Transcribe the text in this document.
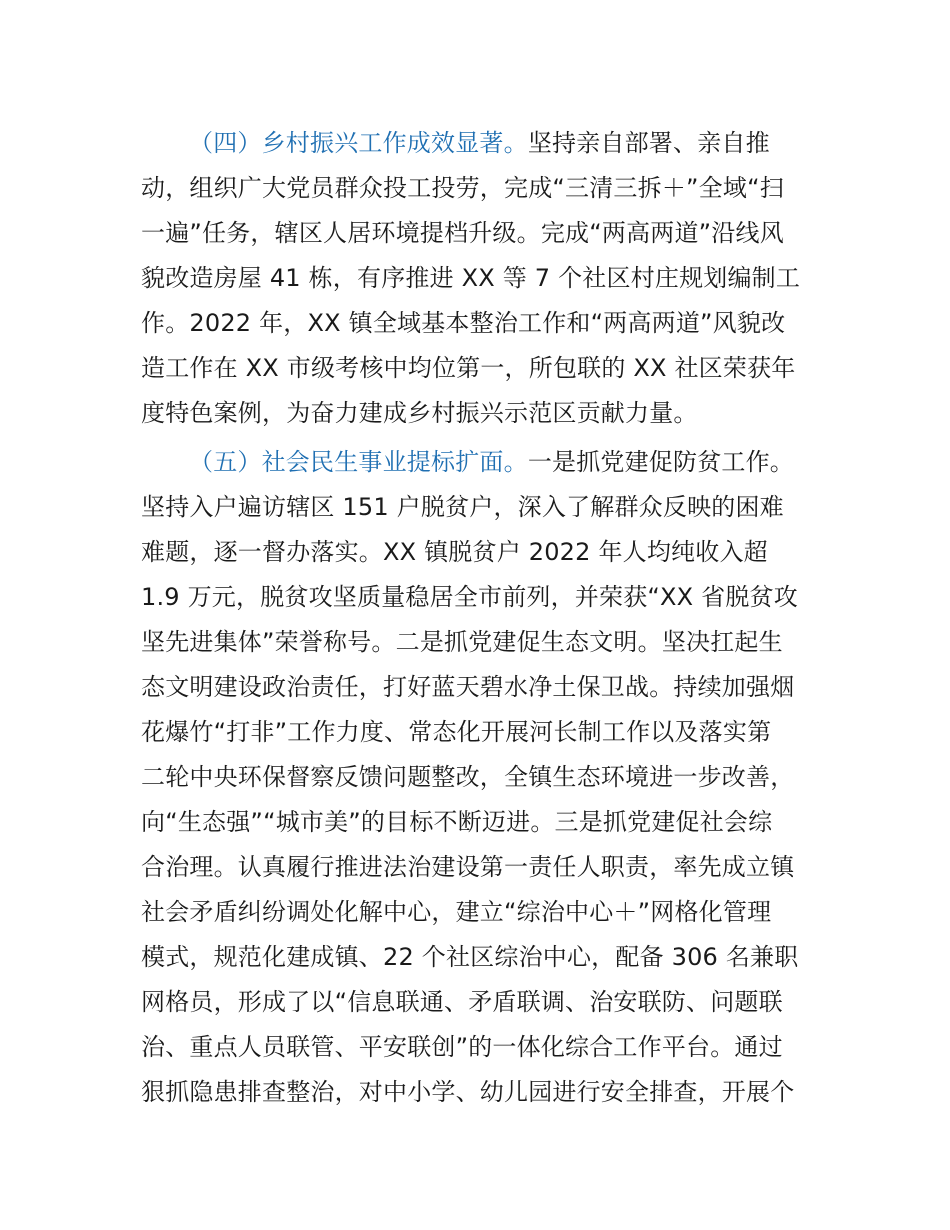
（四）乡村振兴工作成效显著。坚持亲自部署、亲自推
动，组织广大党员群众投工投劳，完成“三清三拆＋”全域“扫
一遍”任务，辖区人居环境提档升级。完成“两高两道”沿线风
貌改造房屋 41 栋，有序推进 XX 等 7 个社区村庄规划编制工
作。2022 年，XX 镇全域基本整治工作和“两高两道”风貌改
造工作在 XX 市级考核中均位第一，所包联的 XX 社区荣获年
度特色案例，为奋力建成乡村振兴示范区贡献力量。
（五）社会民生事业提标扩面。一是抓党建促防贫工作。
坚持入户遍访辖区 151 户脱贫户，深入了解群众反映的困难
难题，逐一督办落实。XX 镇脱贫户 2022 年人均纯收入超
1.9 万元，脱贫攻坚质量稳居全市前列，并荣获“XX 省脱贫攻
坚先进集体”荣誉称号。二是抓党建促生态文明。坚决扛起生
态文明建设政治责任，打好蓝天碧水净土保卫战。持续加强烟
花爆竹“打非”工作力度、常态化开展河长制工作以及落实第
二轮中央环保督察反馈问题整改，全镇生态环境进一步改善，
向“生态强”“城市美”的目标不断迈进。三是抓党建促社会综
合治理。认真履行推进法治建设第一责任人职责，率先成立镇
社会矛盾纠纷调处化解中心，建立“综治中心＋”网格化管理
模式，规范化建成镇、22 个社区综治中心，配备 306 名兼职
网格员，形成了以“信息联通、矛盾联调、治安联防、问题联
治、重点人员联管、平安联创”的一体化综合工作平台。通过
狠抓隐患排查整治，对中小学、幼儿园进行安全排查，开展个
